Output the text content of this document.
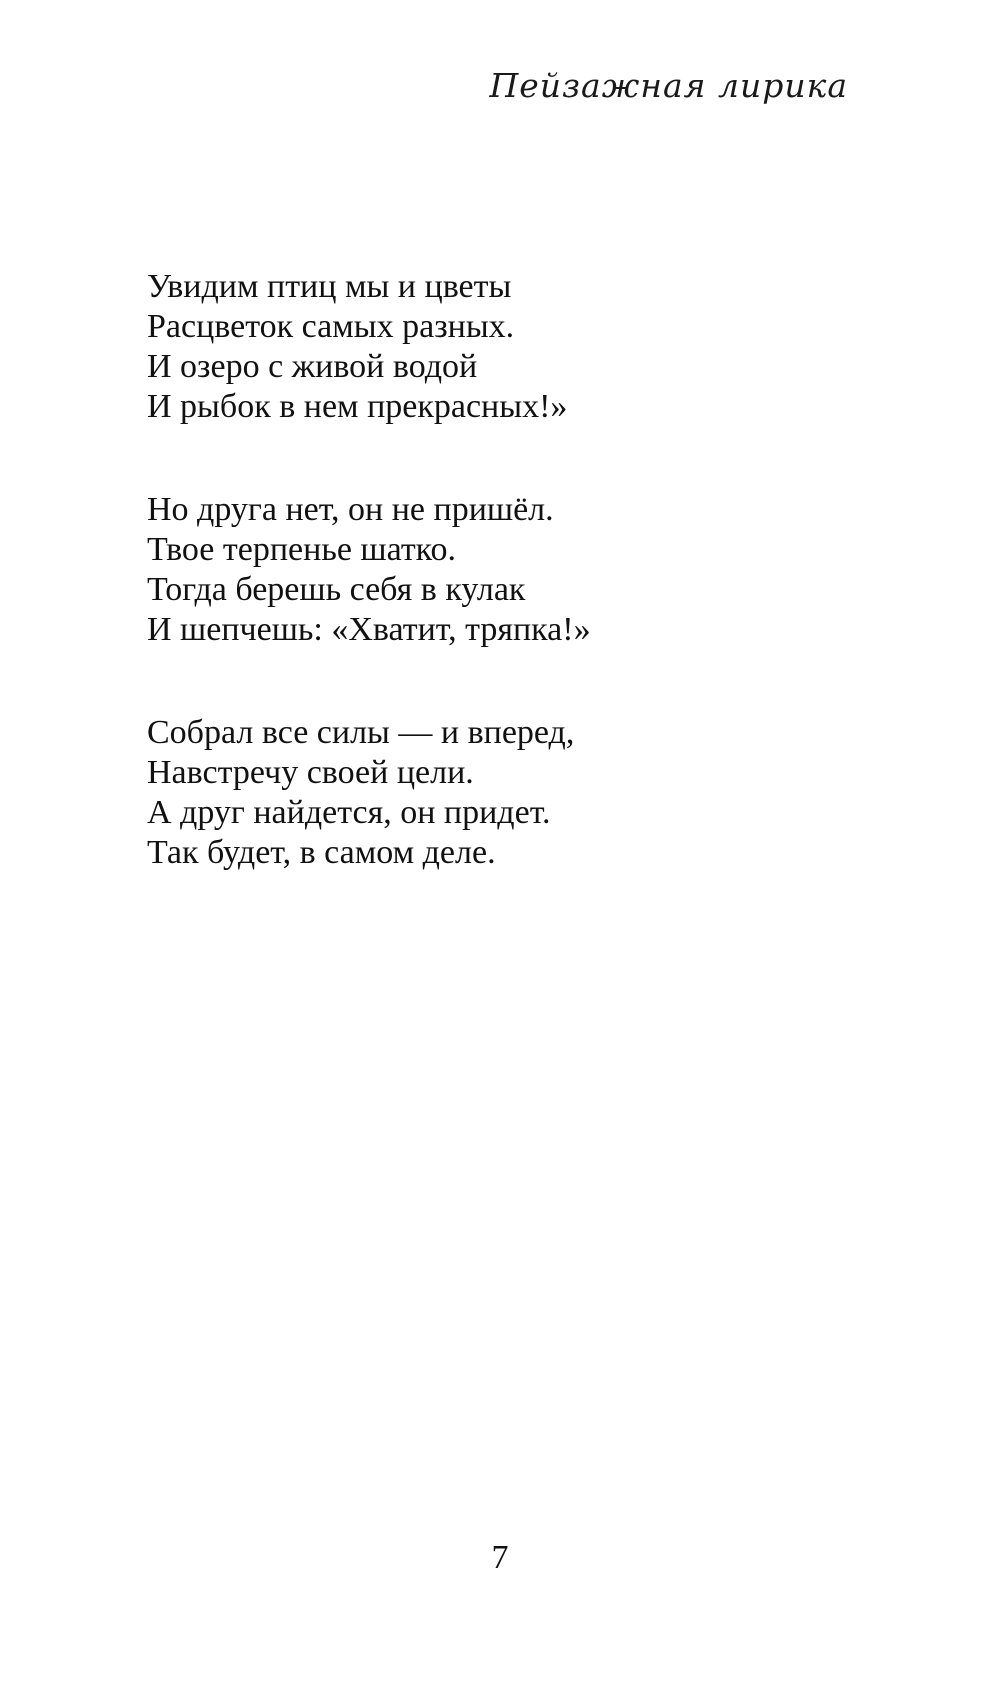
Пейзажная лирика
Увидим птиц мы и цветы
Расцветок самых разных.
И озеро с живой водой
И рыбок в нем прекрасных!»
Но друга нет, он не пришёл.
Твое терпенье шатко.
Тогда берешь себя в кулак
И шепчешь: «Хватит, тряпка!»
Собрал все силы — и вперед,
Навстречу своей цели.
А друг найдется, он придет.
Так будет, в самом деле.
7
